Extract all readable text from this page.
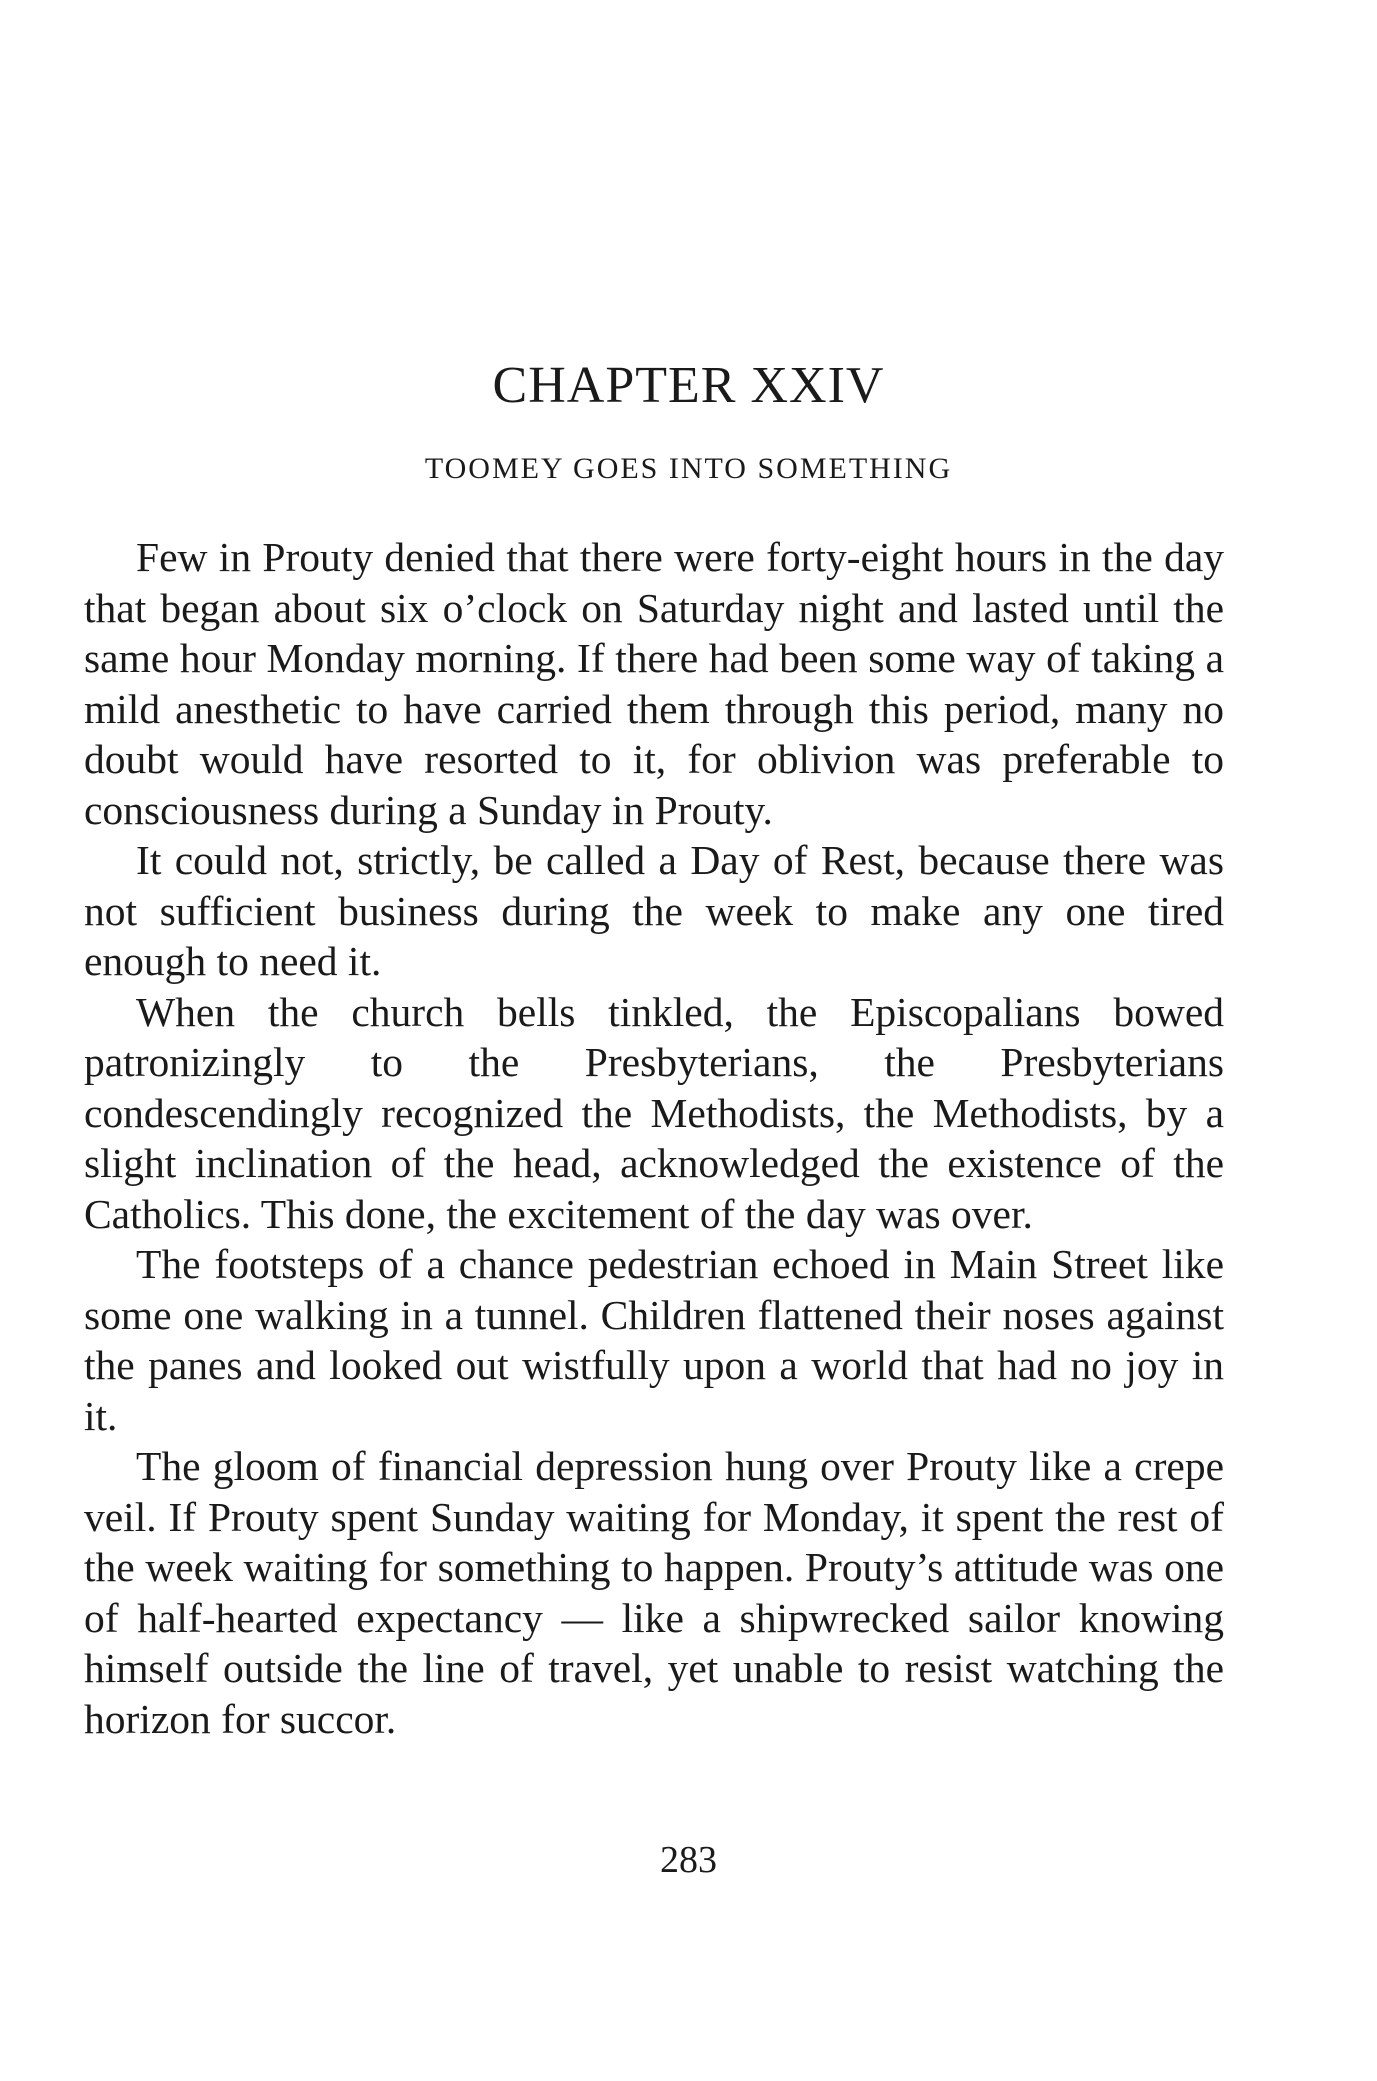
CHAPTER XXIV
TOOMEY GOES INTO SOMETHING

Few in Prouty denied that there were forty-eight hours in the day that began about six o’clock on Saturday night and lasted until the same hour Monday morning. If there had been some way of taking a mild anesthetic to have carried them through this period, many no doubt would have resorted to it, for oblivion was preferable to consciousness during a Sunday in Prouty.

It could not, strictly, be called a Day of Rest, because there was not sufficient business during the week to make any one tired enough to need it.

When the church bells tinkled, the Episcopalians bowed patronizingly to the Presbyterians, the Presbyterians condescendingly recognized the Methodists, the Methodists, by a slight inclination of the head, acknowledged the existence of the Catholics. This done, the excitement of the day was over.

The footsteps of a chance pedestrian echoed in Main Street like some one walking in a tunnel. Children flattened their noses against the panes and looked out wistfully upon a world that had no joy in it.

The gloom of financial depression hung over Prouty like a crepe veil. If Prouty spent Sunday waiting for Monday, it spent the rest of the week waiting for something to happen. Prouty’s attitude was one of half-hearted expectancy — like a shipwrecked sailor knowing himself outside the line of travel, yet unable to resist watching the horizon for succor.

283
